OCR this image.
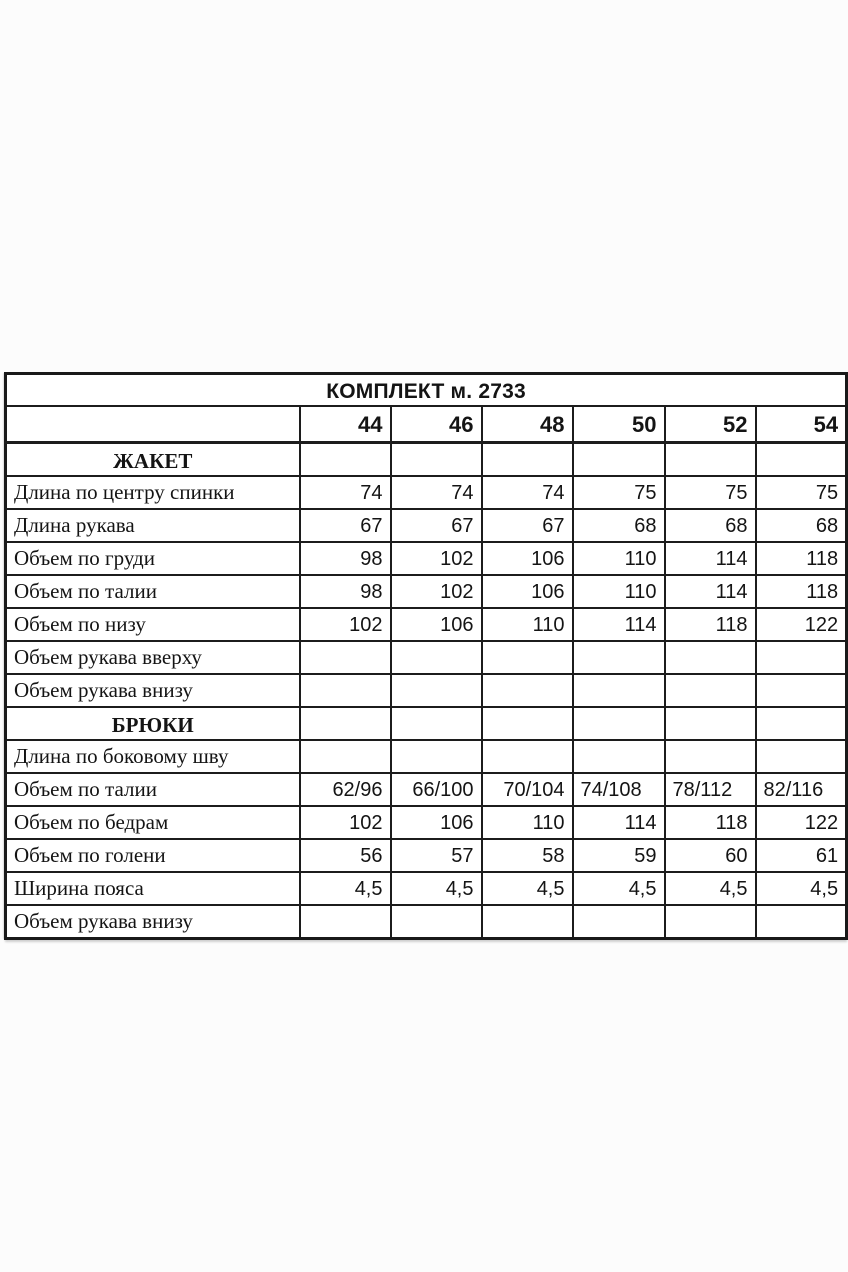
КОМПЛЕКТ м. 2733						
	44	46	48	50	52	54
ЖАКЕТ						
Длина по центру спинки	74	74	74	75	75	75
Длина рукава	67	67	67	68	68	68
Объем по груди	98	102	106	110	114	118
Объем по талии	98	102	106	110	114	118
Объем по низу	102	106	110	114	118	122
Объем рукава вверху						
Объем рукава внизу						
БРЮКИ						
Длина по боковому шву						
Объем по талии	62/96	66/100	70/104	74/108	78/112	82/116
Объем по бедрам	102	106	110	114	118	122
Объем по голени	56	57	58	59	60	61
Ширина пояса	4,5	4,5	4,5	4,5	4,5	4,5
Объем рукава внизу						
